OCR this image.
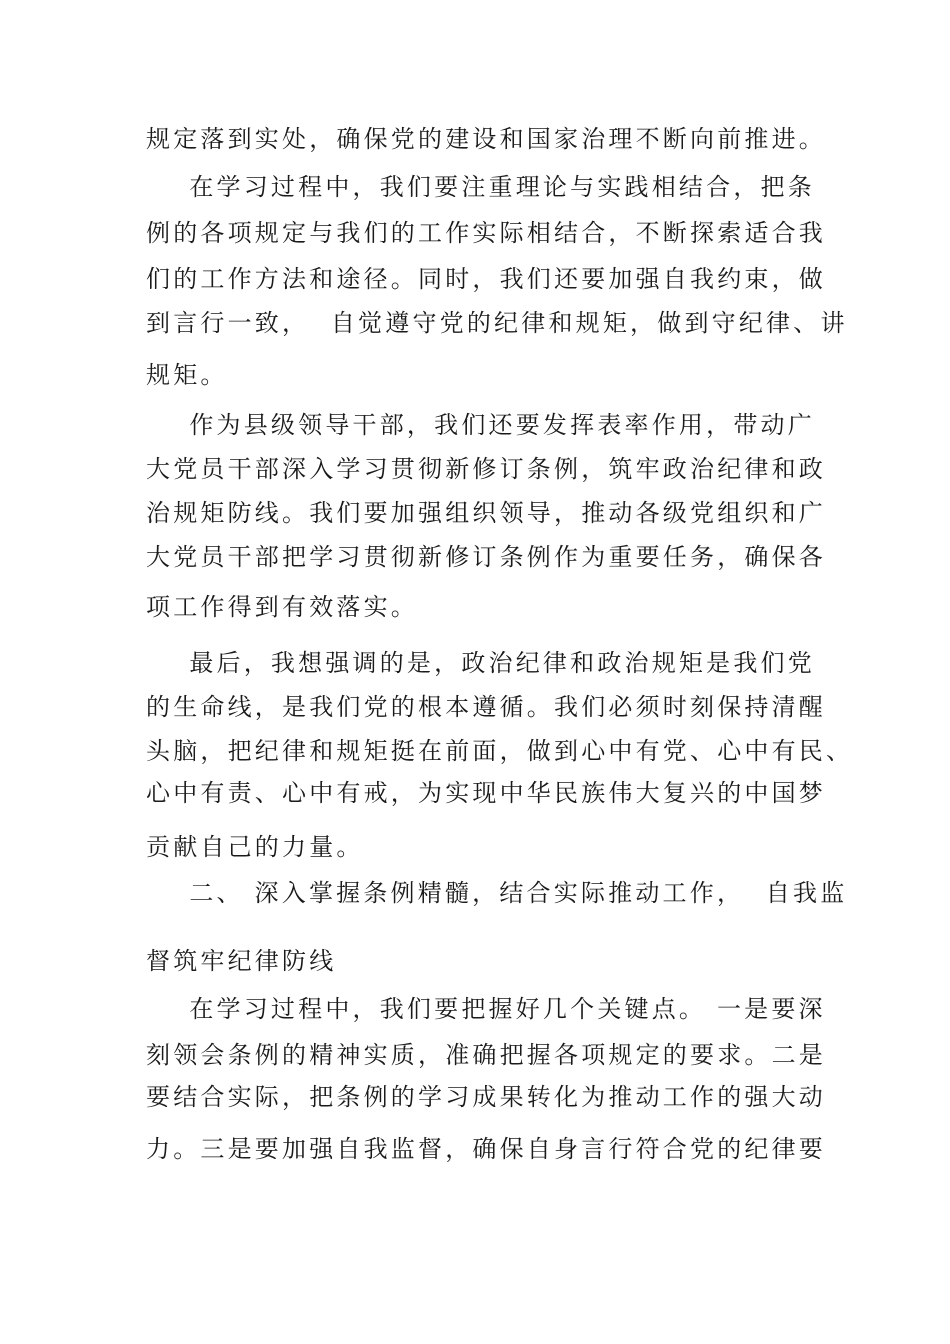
规定落到实处，确保党的建设和国家治理不断向前推进。
在学习过程中，我们要注重理论与实践相结合，把条
例的各项规定与我们的工作实际相结合，不断探索适合我
们的工作方法和途径。同时，我们还要加强自我约束，做
到言行一致，  自觉遵守党的纪律和规矩，做到守纪律、讲
规矩。
作为县级领导干部，我们还要发挥表率作用，带动广
大党员干部深入学习贯彻新修订条例，筑牢政治纪律和政
治规矩防线。我们要加强组织领导，推动各级党组织和广
大党员干部把学习贯彻新修订条例作为重要任务，确保各
项工作得到有效落实。
最后，我想强调的是，政治纪律和政治规矩是我们党
的生命线，是我们党的根本遵循。我们必须时刻保持清醒
头脑，把纪律和规矩挺在前面，做到心中有党、心中有民、
心中有责、心中有戒，为实现中华民族伟大复兴的中国梦
贡献自己的力量。
二、 深入掌握条例精髓，结合实际推动工作，  自我监
督筑牢纪律防线
在学习过程中，我们要把握好几个关键点。 一是要深
刻领会条例的精神实质，准确把握各项规定的要求。二是
要结合实际，把条例的学习成果转化为推动工作的强大动
力。三是要加强自我监督，确保自身言行符合党的纪律要
